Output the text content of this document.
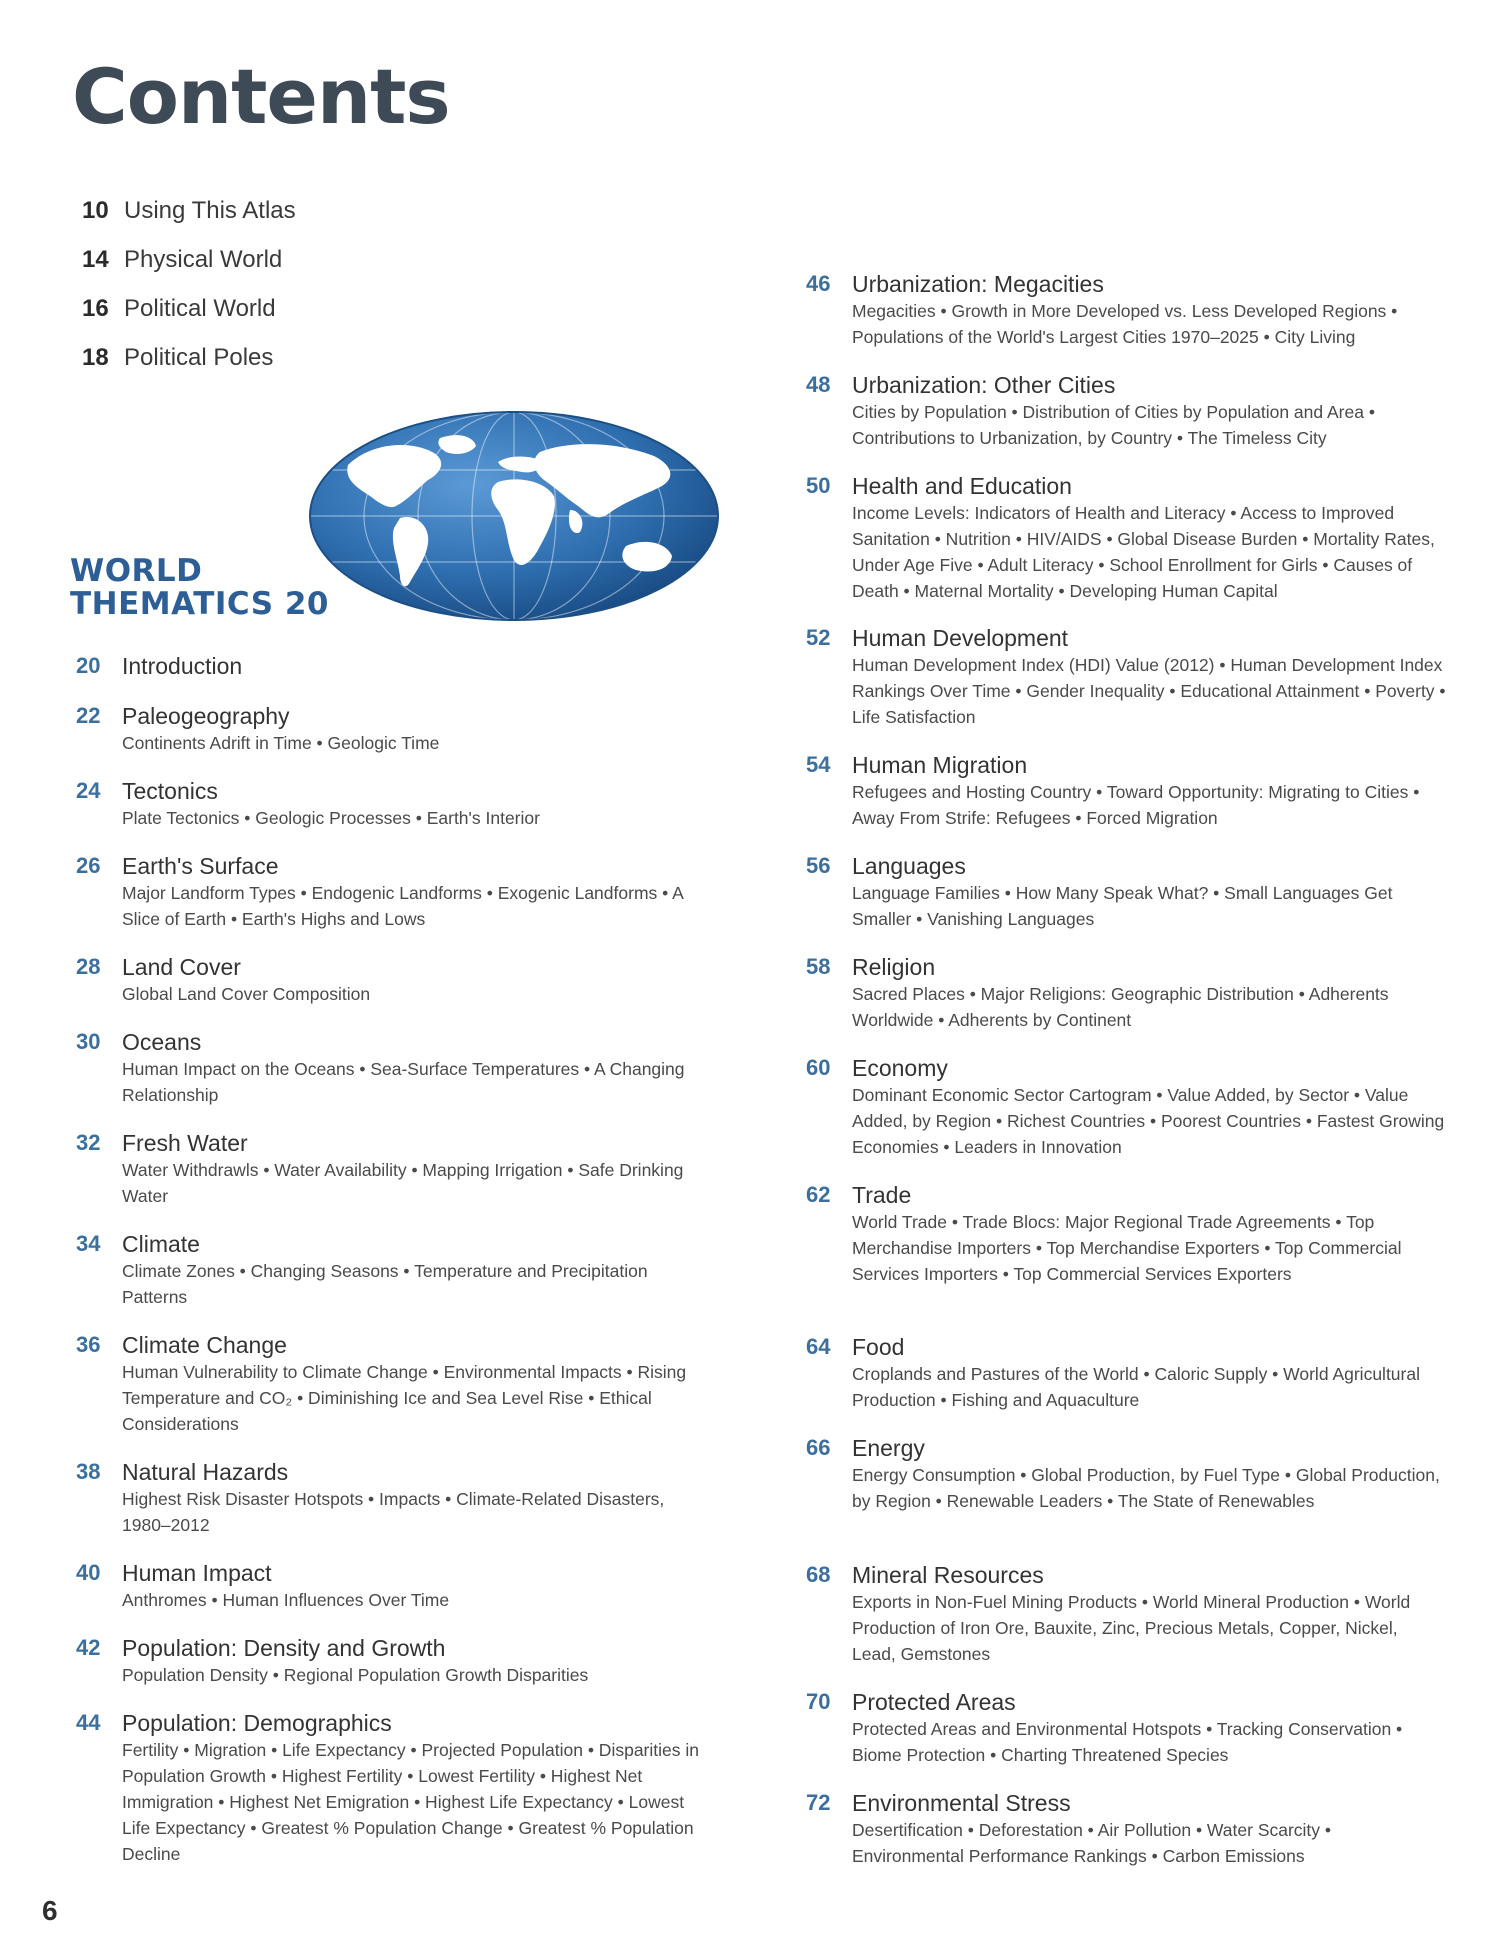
Contents
10 Using This Atlas
14 Physical World
16 Political World
18 Political Poles
WORLD
THEMATICS 20
20 Introduction
22 Paleogeography
Continents Adrift in Time • Geologic Time
24 Tectonics
Plate Tectonics • Geologic Processes • Earth's Interior
26 Earth's Surface
Major Landform Types • Endogenic Landforms • Exogenic Landforms • A Slice of Earth • Earth's Highs and Lows
28 Land Cover
Global Land Cover Composition
30 Oceans
Human Impact on the Oceans • Sea-Surface Temperatures • A Changing Relationship
32 Fresh Water
Water Withdrawls • Water Availability • Mapping Irrigation • Safe Drinking Water
34 Climate
Climate Zones • Changing Seasons • Temperature and Precipitation Patterns
36 Climate Change
Human Vulnerability to Climate Change • Environmental Impacts • Rising Temperature and CO₂ • Diminishing Ice and Sea Level Rise • Ethical Considerations
38 Natural Hazards
Highest Risk Disaster Hotspots • Impacts • Climate-Related Disasters, 1980–2012
40 Human Impact
Anthromes • Human Influences Over Time
42 Population: Density and Growth
Population Density • Regional Population Growth Disparities
44 Population: Demographics
Fertility • Migration • Life Expectancy • Projected Population • Disparities in Population Growth • Highest Fertility • Lowest Fertility • Highest Net Immigration • Highest Net Emigration • Highest Life Expectancy • Lowest Life Expectancy • Greatest % Population Change • Greatest % Population Decline
46 Urbanization: Megacities
Megacities • Growth in More Developed vs. Less Developed Regions • Populations of the World's Largest Cities 1970–2025 • City Living
48 Urbanization: Other Cities
Cities by Population • Distribution of Cities by Population and Area • Contributions to Urbanization, by Country • The Timeless City
50 Health and Education
Income Levels: Indicators of Health and Literacy • Access to Improved Sanitation • Nutrition • HIV/AIDS • Global Disease Burden • Mortality Rates, Under Age Five • Adult Literacy • School Enrollment for Girls • Causes of Death • Maternal Mortality • Developing Human Capital
52 Human Development
Human Development Index (HDI) Value (2012) • Human Development Index Rankings Over Time • Gender Inequality • Educational Attainment • Poverty • Life Satisfaction
54 Human Migration
Refugees and Hosting Country • Toward Opportunity: Migrating to Cities • Away From Strife: Refugees • Forced Migration
56 Languages
Language Families • How Many Speak What? • Small Languages Get Smaller • Vanishing Languages
58 Religion
Sacred Places • Major Religions: Geographic Distribution • Adherents Worldwide • Adherents by Continent
60 Economy
Dominant Economic Sector Cartogram • Value Added, by Sector • Value Added, by Region • Richest Countries • Poorest Countries • Fastest Growing Economies • Leaders in Innovation
62 Trade
World Trade • Trade Blocs: Major Regional Trade Agreements • Top Merchandise Importers • Top Merchandise Exporters • Top Commercial Services Importers • Top Commercial Services Exporters
64 Food
Croplands and Pastures of the World • Caloric Supply • World Agricultural Production • Fishing and Aquaculture
66 Energy
Energy Consumption • Global Production, by Fuel Type • Global Production, by Region • Renewable Leaders • The State of Renewables
68 Mineral Resources
Exports in Non-Fuel Mining Products • World Mineral Production • World Production of Iron Ore, Bauxite, Zinc, Precious Metals, Copper, Nickel, Lead, Gemstones
70 Protected Areas
Protected Areas and Environmental Hotspots • Tracking Conservation • Biome Protection • Charting Threatened Species
72 Environmental Stress
Desertification • Deforestation • Air Pollution • Water Scarcity • Environmental Performance Rankings • Carbon Emissions
6
